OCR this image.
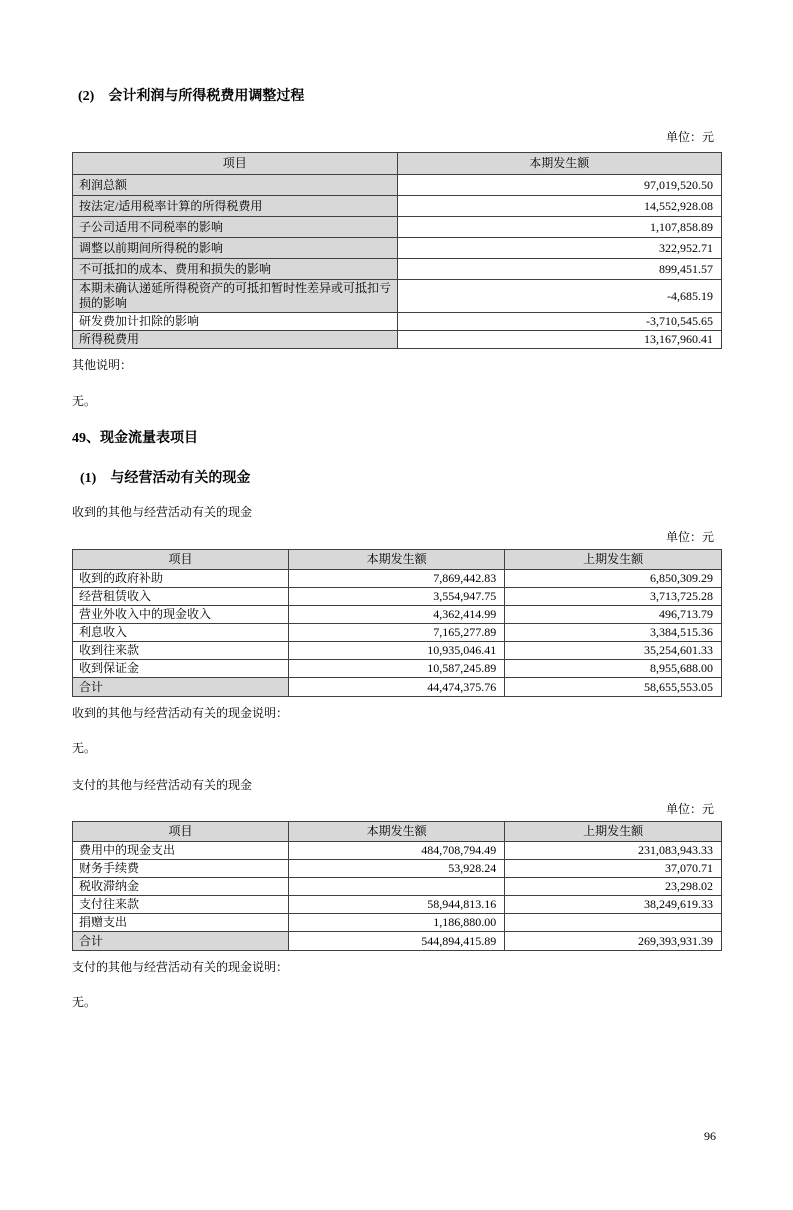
(2)　会计利润与所得税费用调整过程
单位：元
项目	本期发生额
利润总额	97,019,520.50
按法定/适用税率计算的所得税费用	14,552,928.08
子公司适用不同税率的影响	1,107,858.89
调整以前期间所得税的影响	322,952.71
不可抵扣的成本、费用和损失的影响	899,451.57
本期未确认递延所得税资产的可抵扣暂时性差异或可抵扣亏损的影响	-4,685.19
研发费加计扣除的影响	-3,710,545.65
所得税费用	13,167,960.41

其他说明：

无。

49、现金流量表项目
(1)　与经营活动有关的现金

收到的其他与经营活动有关的现金

单位：元
项目	本期发生额	上期发生额
收到的政府补助	7,869,442.83	6,850,309.29
经营租赁收入	3,554,947.75	3,713,725.28
营业外收入中的现金收入	4,362,414.99	496,713.79
利息收入	7,165,277.89	3,384,515.36
收到往来款	10,935,046.41	35,254,601.33
收到保证金	10,587,245.89	8,955,688.00
合计	44,474,375.76	58,655,553.05

收到的其他与经营活动有关的现金说明：

无。

支付的其他与经营活动有关的现金

单位：元
项目	本期发生额	上期发生额
费用中的现金支出	484,708,794.49	231,083,943.33
财务手续费	53,928.24	37,070.71
税收滞纳金		23,298.02
支付往来款	58,944,813.16	38,249,619.33
捐赠支出	1,186,880.00	
合计	544,894,415.89	269,393,931.39

支付的其他与经营活动有关的现金说明：

无。

96
